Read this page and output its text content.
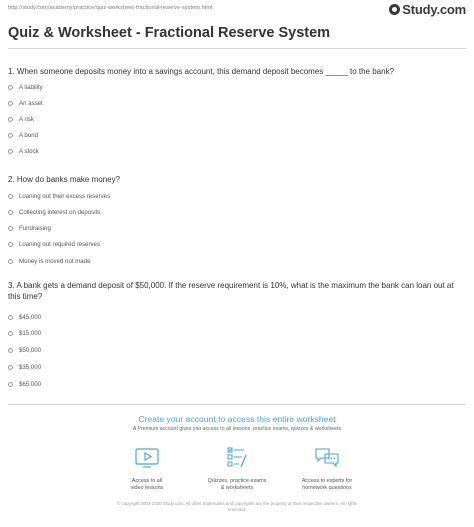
http://study.com/academy/practice/quiz-worksheet-fractional-reserve-system.html	Study.com
Quiz & Worksheet - Fractional Reserve System
1. When someone deposits money into a savings account, this demand deposit becomes _____ to the bank?
A liability
An asset
A risk
A bond
A stock
2. How do banks make money?
Loaning out their excess reserves
Collecting interest on deposits
Fundraising
Loaning out required reserves
Money is moved not made
3. A bank gets a demand deposit of $50,000. If the reserve requirement is 10%, what is the maximum the bank can loan out at this time?
$45,000
$15,000
$50,000
$35,000
$65,000
Create your account to access this entire worksheet
A Premium account gives you access to all lessons, practice exams, quizzes & worksheets
Access to all
video lessons
Quizzes, practice exams
& worksheets
Access to experts for
homework questions
© copyright 2003-2020 Study.com. All other trademarks and copyrights are the property of their respective owners. All rights
reserved.
